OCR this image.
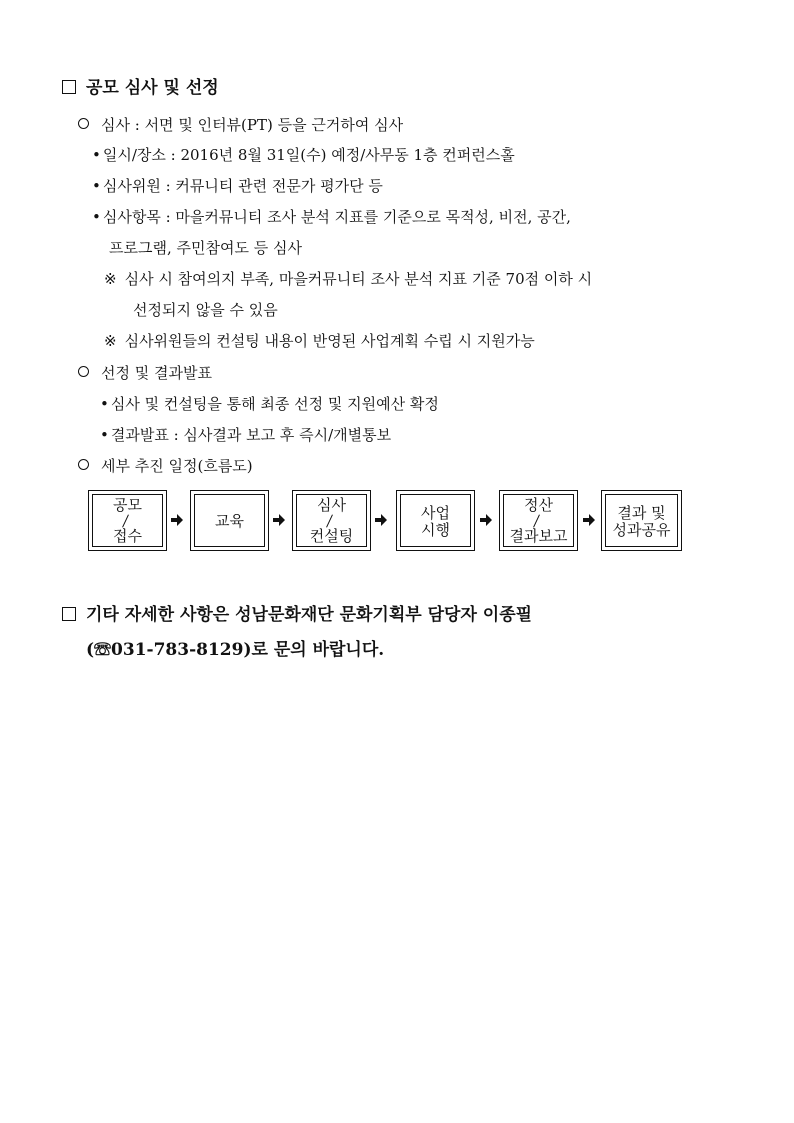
공모 심사 및 선정
심사 : 서면 및 인터뷰(PT) 등을 근거하여 심사
• 일시/장소 : 2016년 8월 31일(수) 예정/사무동 1층 컨퍼런스홀
• 심사위원 : 커뮤니티 관련 전문가 평가단 등
• 심사항목 : 마을커뮤니티 조사 분석 지표를 기준으로 목적성, 비전, 공간,
프로그램, 주민참여도 등 심사
※ 심사 시 참여의지 부족, 마을커뮤니티 조사 분석 지표 기준 70점 이하 시
선정되지 않을 수 있음
※ 심사위원들의 컨설팅 내용이 반영된 사업계획 수립 시 지원가능
선정 및 결과발표
• 심사 및 컨설팅을 통해 최종 선정 및 지원예산 확정
• 결과발표 : 심사결과 보고 후 즉시/개별통보
세부 추진 일정(흐름도)
공모
접수
교육
심사
컨설팅
사업
시행
정산
결과보고
결과 및
성과공유
기타 자세한 사항은 성남문화재단 문화기획부 담당자 이종필
(☏031-783-8129)로 문의 바랍니다.
